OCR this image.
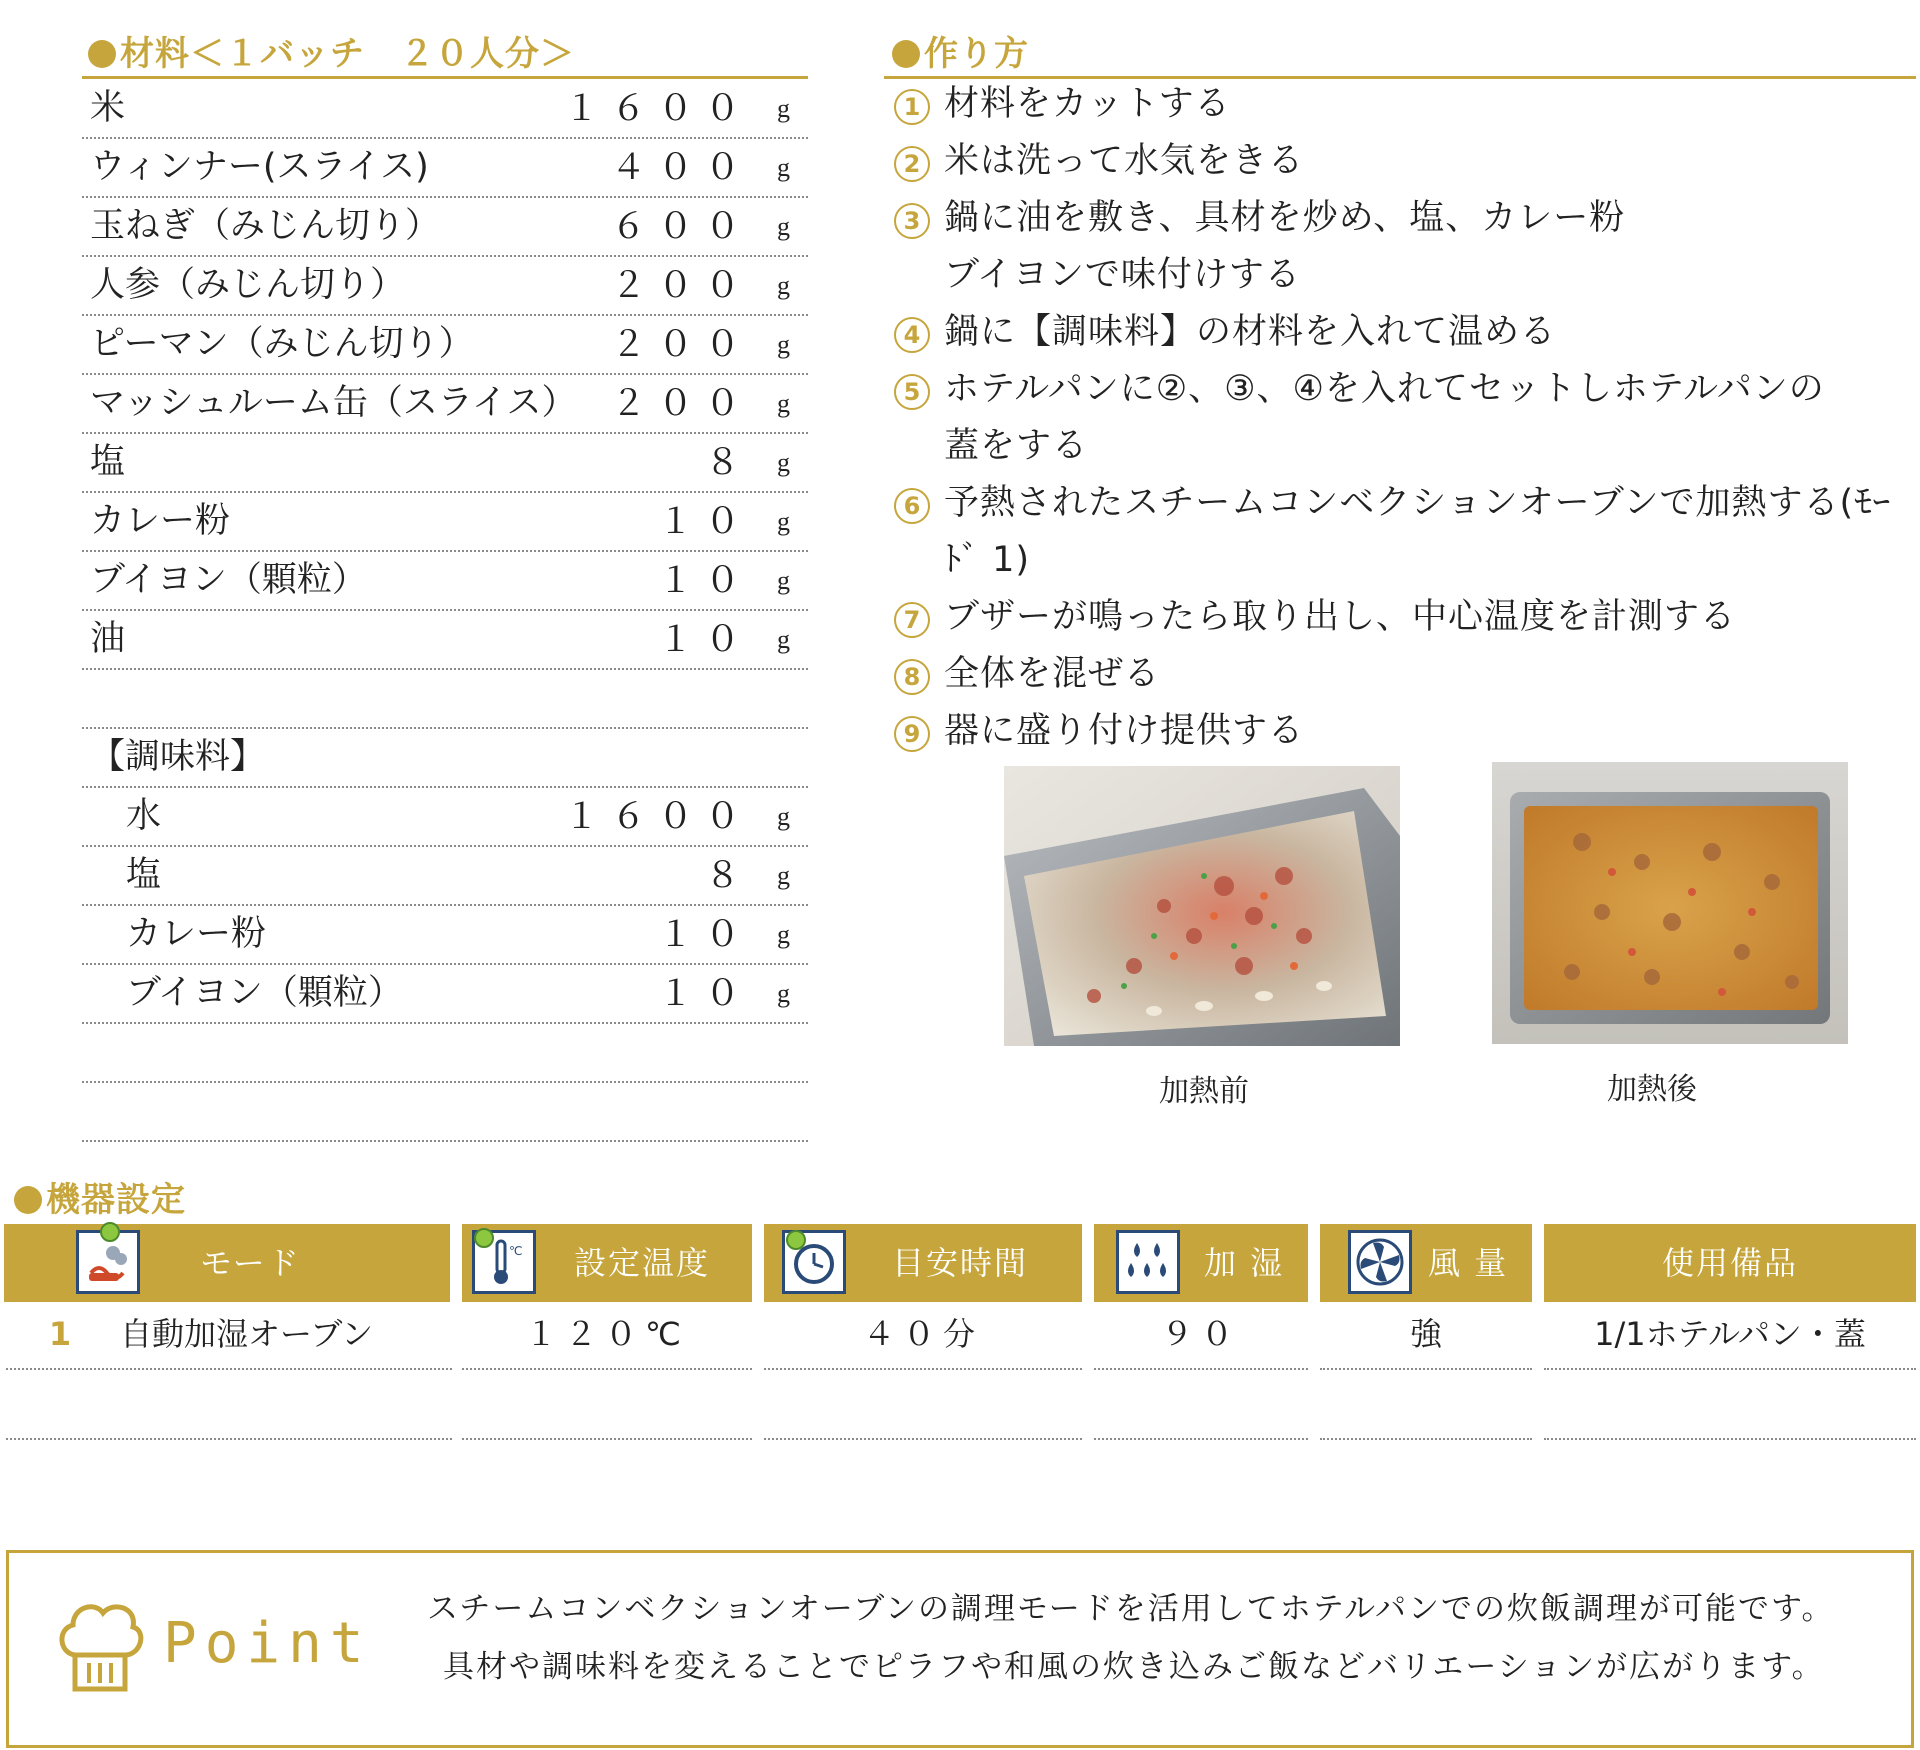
材料＜１バッチ　２０人分＞
米	１６００ g
ウィンナー(スライス)	４００ g
玉ねぎ（みじん切り）	６００ g
人参（みじん切り）	２００ g
ピーマン（みじん切り）	２００ g
マッシュルーム缶（スライス） ２００ g
塩	８ g
カレー粉	１０ g
ブイヨン（顆粒）	１０ g
油	１０ g
【調味料】
水	１６００ g
塩	８ g
カレー粉	１０ g
ブイヨン（顆粒）	１０ g
作り方
1 材料をカットする
2 米は洗って水気をきる
3 鍋に油を敷き、具材を炒め、塩、カレー粉
ブイヨンで味付けする
4 鍋に【調味料】の材料を入れて温める
5 ホテルパンに②、③、④を入れてセットしホテルパンの
蓋をする
6 予熱されたスチームコンベクションオーブンで加熱する(ﾓｰﾄﾞ 1)
7 ブザーが鳴ったら取り出し、中心温度を計測する
8 全体を混ぜる
9 器に盛り付け提供する
加熱前	加熱後
機器設定
モード	℃ 設定温度	目安時間	加 湿	風 量	使用備品
1 自動加湿オーブン	１２０℃	４０分	９０	強	1/1ホテルパン・蓋
Point
スチームコンベクションオーブンの調理モードを活用してホテルパンでの炊飯調理が可能です。
具材や調味料を変えることでピラフや和風の炊き込みご飯などバリエーションが広がります。
